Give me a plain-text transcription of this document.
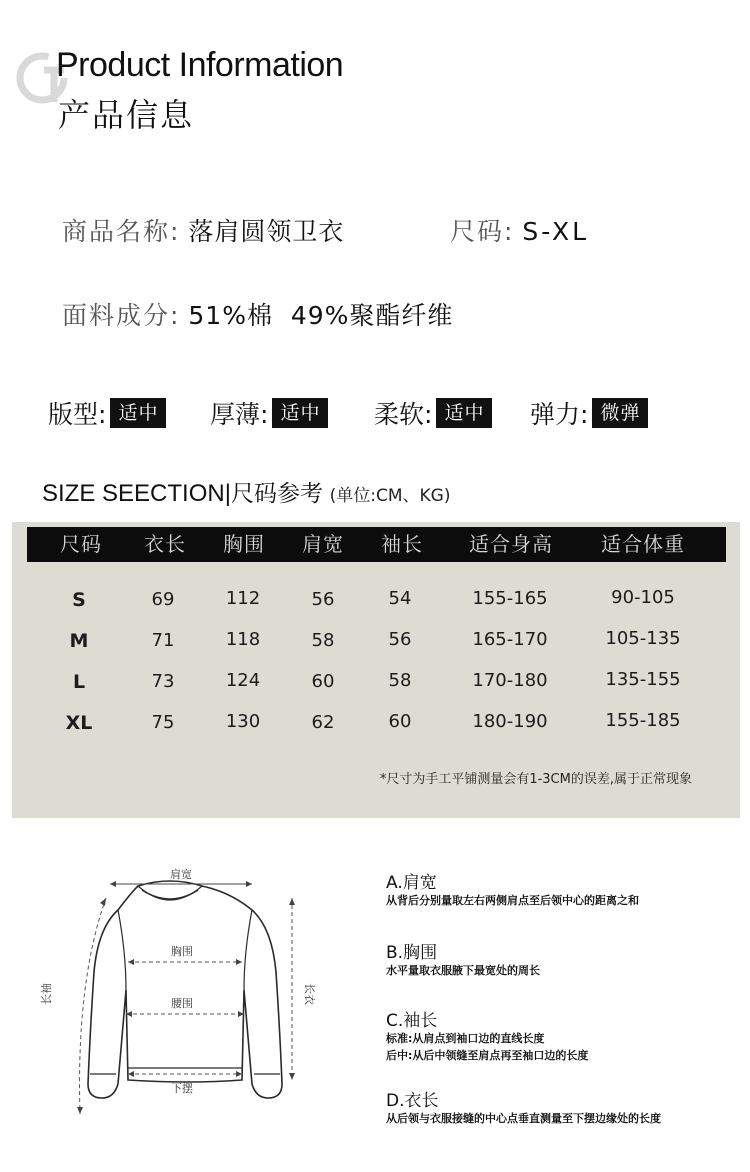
Product Information
产品信息
商品名称: 落肩圆领卫衣	尺码: S-XL
面料成分: 51%棉  49%聚酯纤维
版型: 适中	厚薄: 适中	柔软: 适中	弹力: 微弹
SIZE SEECTION|尺码参考 (单位:CM、KG)
尺码 衣长 胸围 肩宽 袖长 适合身高 适合体重
S	69	112	56	54	155-165	90-105
M	71	118	58	56	165-170	105-135
L	73	124	60	58	170-180	135-155
XL	75	130	62	60	180-190	155-185
*尺寸为手工平铺测量会有1-3CM的误差,属于正常现象
肩宽
胸围
腰围
下摆
长袖	长衣
A.肩宽
从背后分别量取左右两侧肩点至后领中心的距离之和
B.胸围
水平量取衣服腋下最宽处的周长
C.袖长
标准:从肩点到袖口边的直线长度
后中:从后中领缝至肩点再至袖口边的长度
D.衣长
从后领与衣服接缝的中心点垂直测量至下摆边缘处的长度
